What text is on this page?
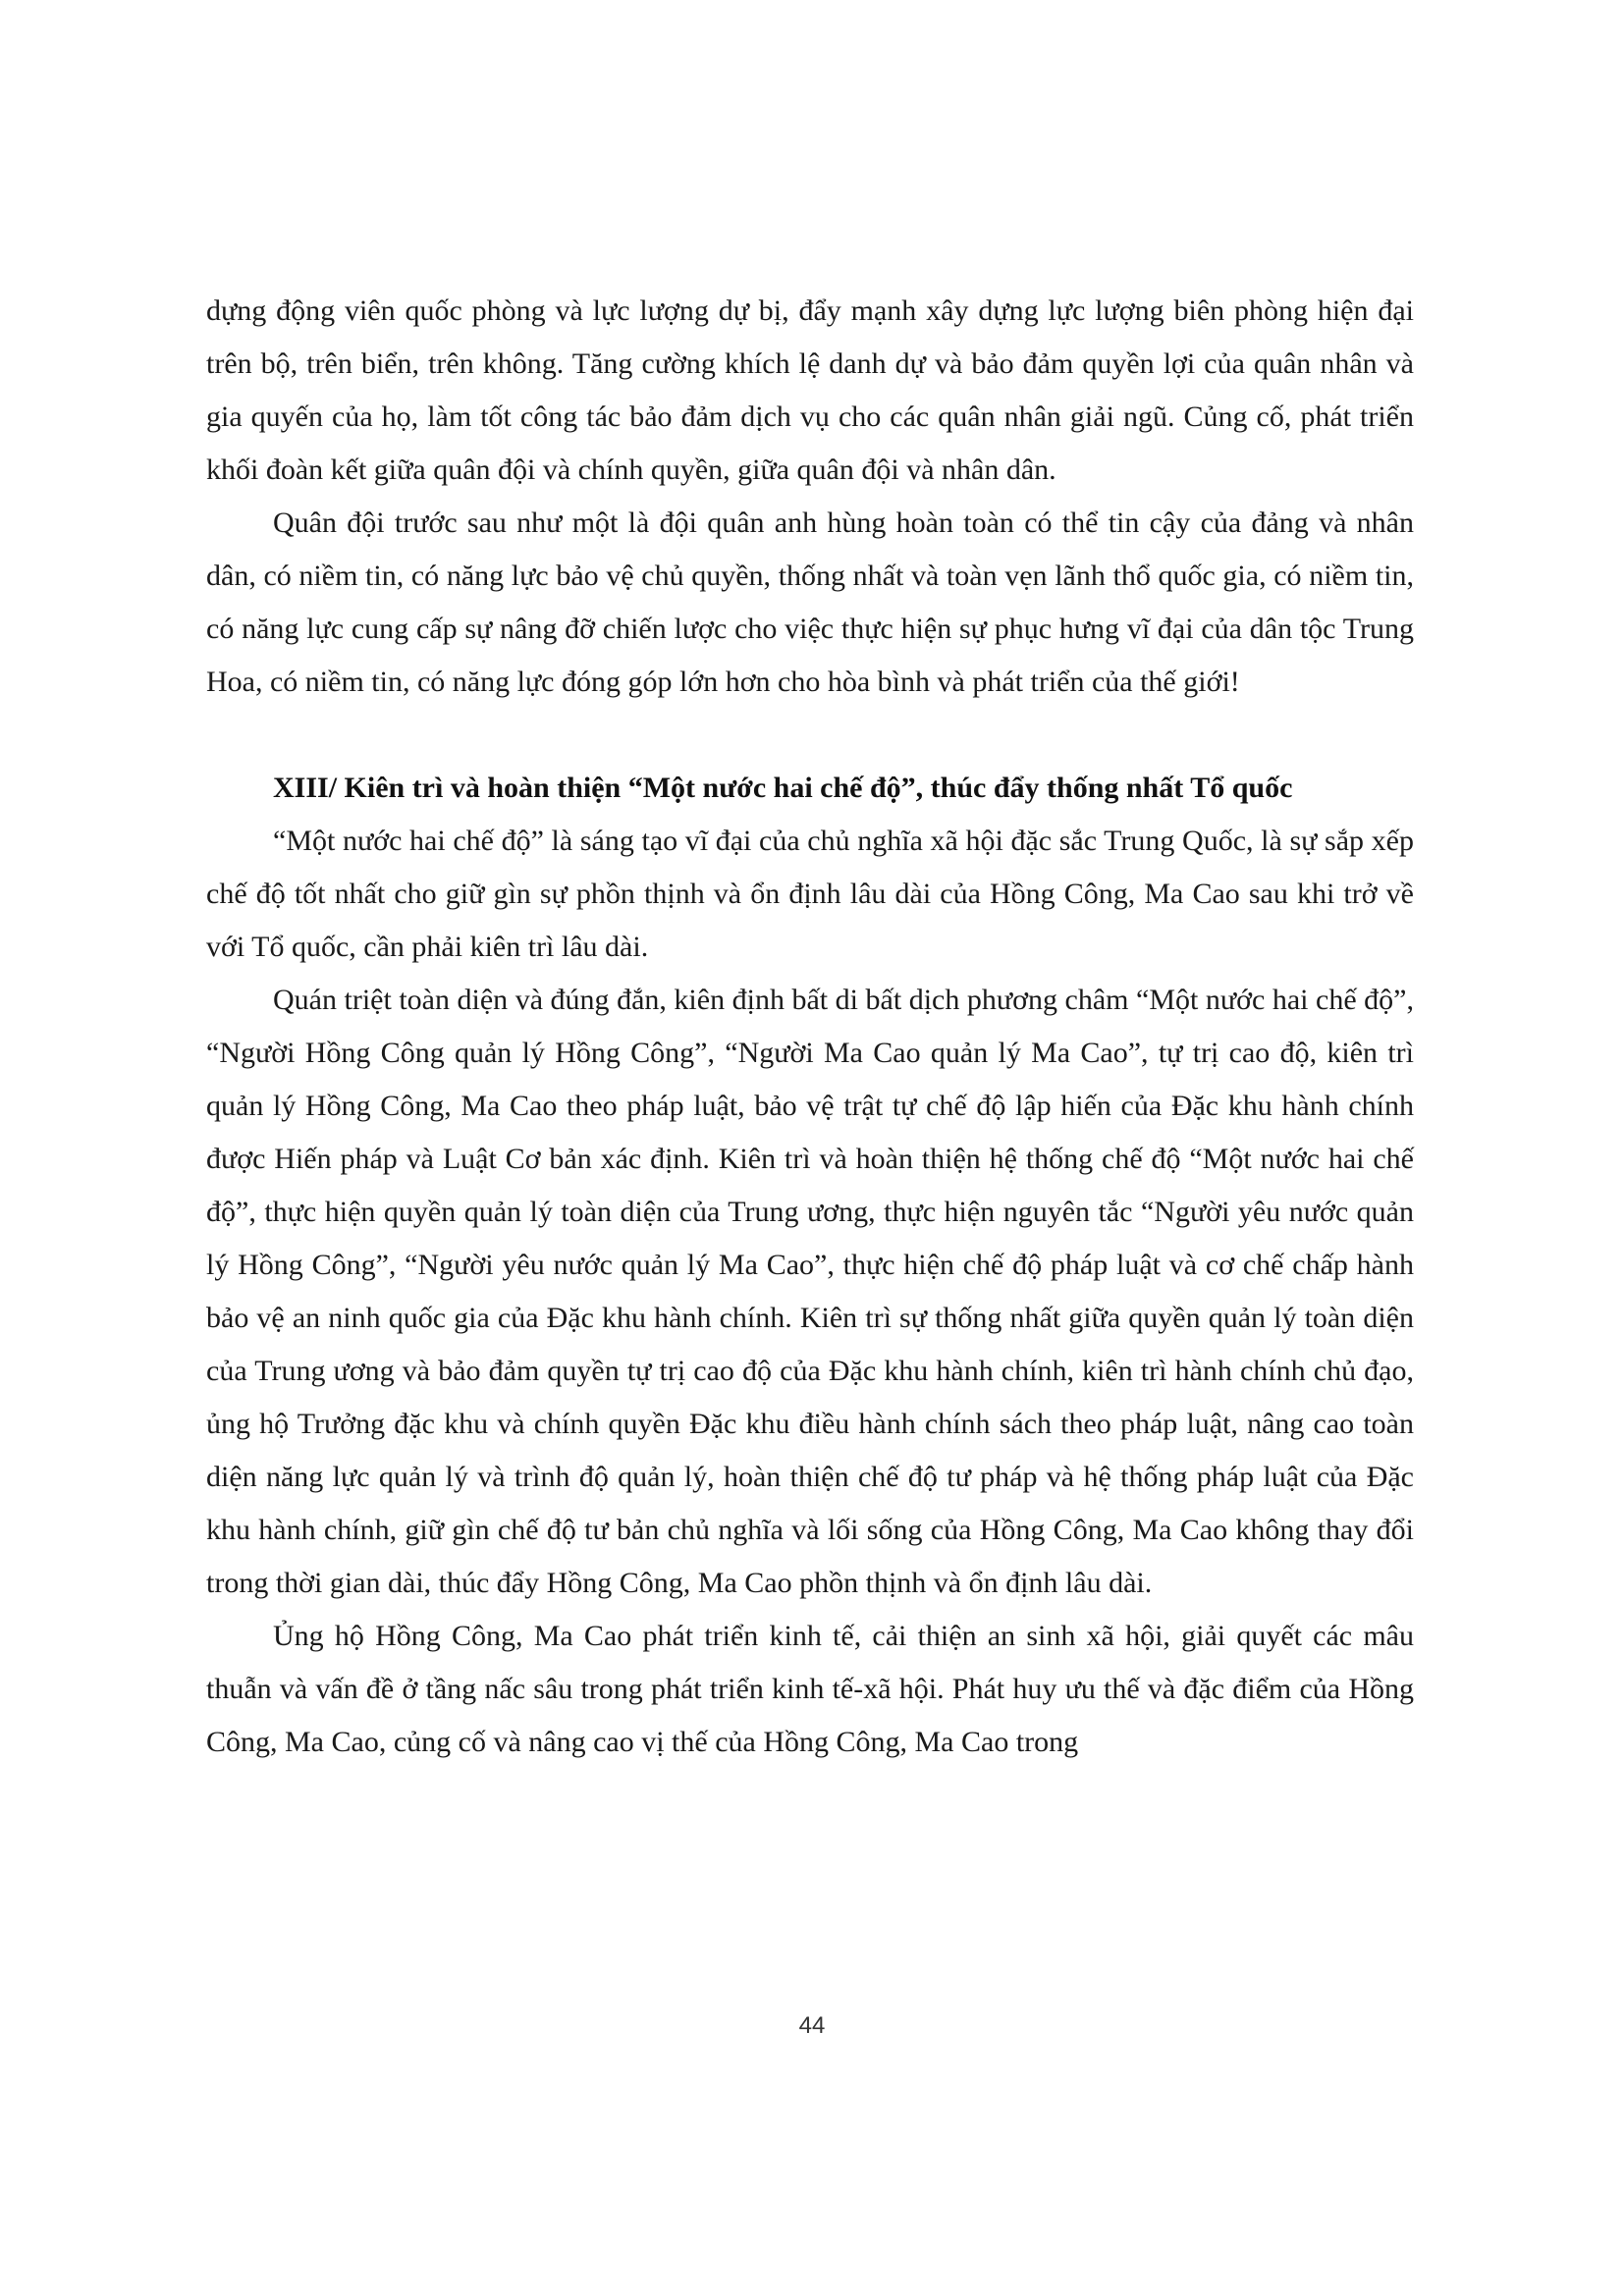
dựng động viên quốc phòng và lực lượng dự bị, đẩy mạnh xây dựng lực lượng biên phòng hiện đại trên bộ, trên biển, trên không. Tăng cường khích lệ danh dự và bảo đảm quyền lợi của quân nhân và gia quyến của họ, làm tốt công tác bảo đảm dịch vụ cho các quân nhân giải ngũ. Củng cố, phát triển khối đoàn kết giữa quân đội và chính quyền, giữa quân đội và nhân dân.

Quân đội trước sau như một là đội quân anh hùng hoàn toàn có thể tin cậy của đảng và nhân dân, có niềm tin, có năng lực bảo vệ chủ quyền, thống nhất và toàn vẹn lãnh thổ quốc gia, có niềm tin, có năng lực cung cấp sự nâng đỡ chiến lược cho việc thực hiện sự phục hưng vĩ đại của dân tộc Trung Hoa, có niềm tin, có năng lực đóng góp lớn hơn cho hòa bình và phát triển của thế giới!

XIII/ Kiên trì và hoàn thiện “Một nước hai chế độ”, thúc đẩy thống nhất Tổ quốc

“Một nước hai chế độ” là sáng tạo vĩ đại của chủ nghĩa xã hội đặc sắc Trung Quốc, là sự sắp xếp chế độ tốt nhất cho giữ gìn sự phồn thịnh và ổn định lâu dài của Hồng Công, Ma Cao sau khi trở về với Tổ quốc, cần phải kiên trì lâu dài.

Quán triệt toàn diện và đúng đắn, kiên định bất di bất dịch phương châm “Một nước hai chế độ”, “Người Hồng Công quản lý Hồng Công”, “Người Ma Cao quản lý Ma Cao”, tự trị cao độ, kiên trì quản lý Hồng Công, Ma Cao theo pháp luật, bảo vệ trật tự chế độ lập hiến của Đặc khu hành chính được Hiến pháp và Luật Cơ bản xác định. Kiên trì và hoàn thiện hệ thống chế độ “Một nước hai chế độ”, thực hiện quyền quản lý toàn diện của Trung ương, thực hiện nguyên tắc “Người yêu nước quản lý Hồng Công”, “Người yêu nước quản lý Ma Cao”, thực hiện chế độ pháp luật và cơ chế chấp hành bảo vệ an ninh quốc gia của Đặc khu hành chính. Kiên trì sự thống nhất giữa quyền quản lý toàn diện của Trung ương và bảo đảm quyền tự trị cao độ của Đặc khu hành chính, kiên trì hành chính chủ đạo, ủng hộ Trưởng đặc khu và chính quyền Đặc khu điều hành chính sách theo pháp luật, nâng cao toàn diện năng lực quản lý và trình độ quản lý, hoàn thiện chế độ tư pháp và hệ thống pháp luật của Đặc khu hành chính, giữ gìn chế độ tư bản chủ nghĩa và lối sống của Hồng Công, Ma Cao không thay đổi trong thời gian dài, thúc đẩy Hồng Công, Ma Cao phồn thịnh và ổn định lâu dài.

Ủng hộ Hồng Công, Ma Cao phát triển kinh tế, cải thiện an sinh xã hội, giải quyết các mâu thuẫn và vấn đề ở tầng nấc sâu trong phát triển kinh tế-xã hội. Phát huy ưu thế và đặc điểm của Hồng Công, Ma Cao, củng cố và nâng cao vị thế của Hồng Công, Ma Cao trong

44
